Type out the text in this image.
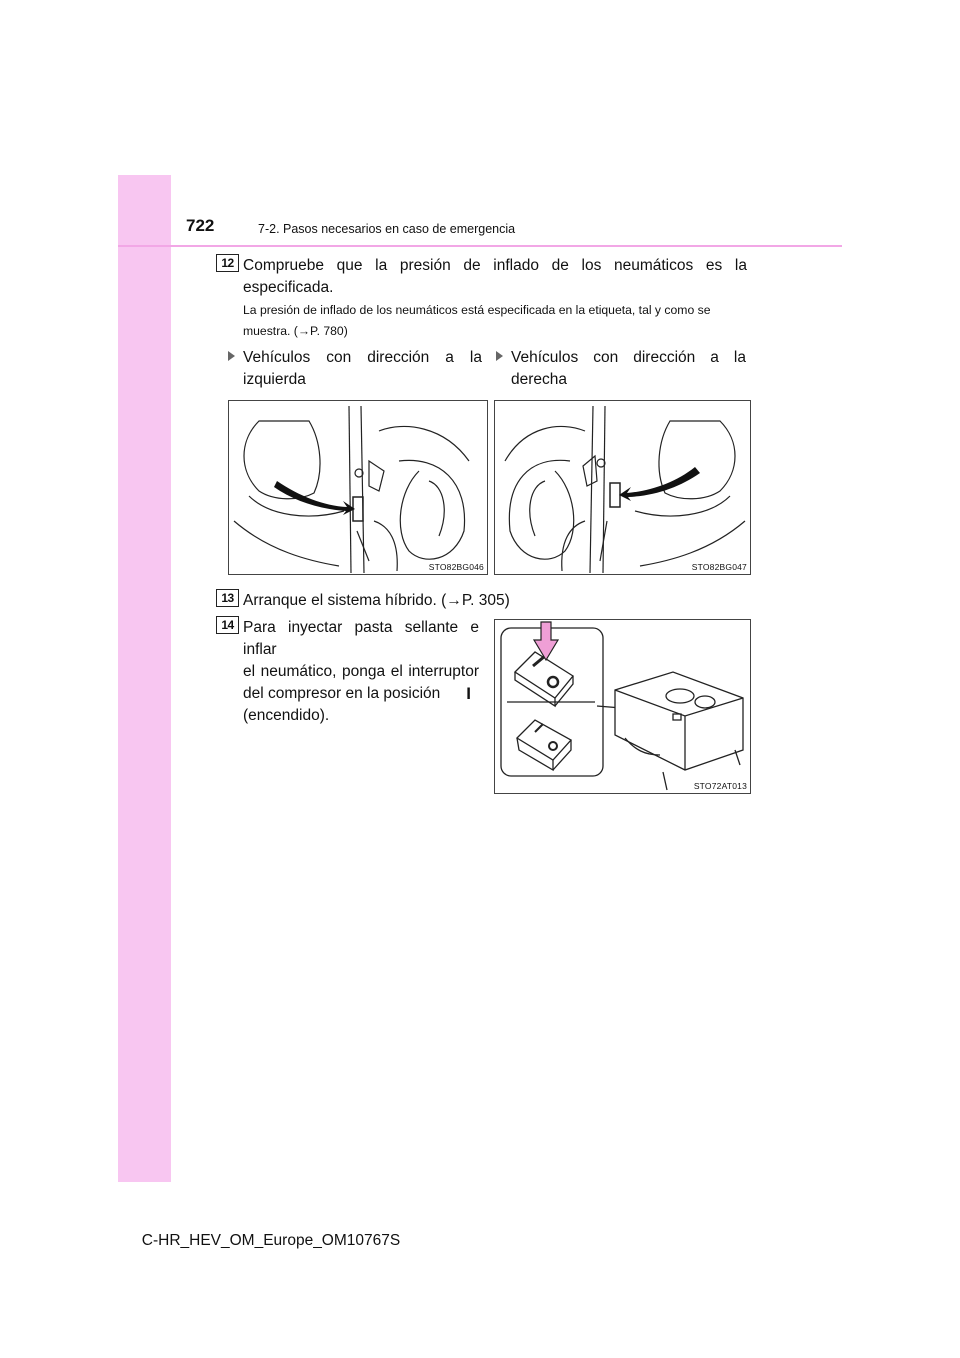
722	7-2. Pasos necesarios en caso de emergencia
12 Compruebe que la presión de inflado de los neumáticos es la especificada.
La presión de inflado de los neumáticos está especificada en la etiqueta, tal y como se muestra. (→P. 780)
Vehículos con dirección a la
izquierda
Vehículos con dirección a la
derecha
STO82BG046	STO82BG047
13 Arranque el sistema híbrido. (→P. 305)
14 Para inyectar pasta sellante e inflar
el neumático, ponga el interruptor
del compresor en la posición I
(encendido).
STO72AT013
C-HR_HEV_OM_Europe_OM10767S
